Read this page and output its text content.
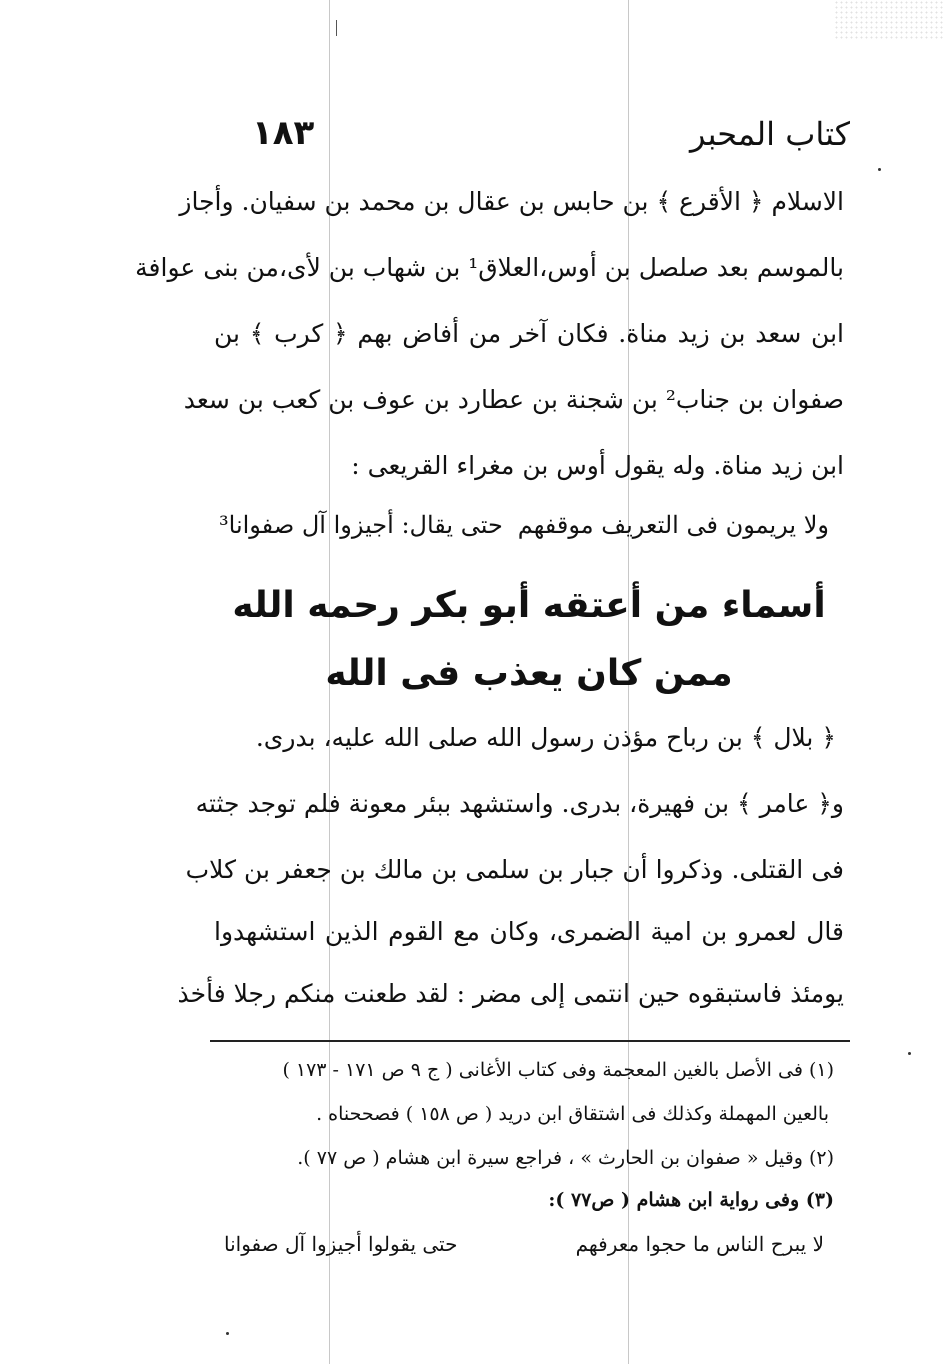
١٨٣	كتاب المحبر
الاسلام ﴿ الأقرع ﴾ بن حابس بن عقال بن محمد بن سفيان. وأجاز
بالموسم بعد صلصل بن أوس،العلاق¹ بن شهاب بن لأى،من بنى عوافة
ابن سعد بن زيد مناة. فكان آخر من أفاض بهم ﴿ كرب ﴾ بن
صفوان بن جناب² بن شجنة بن عطارد بن عوف بن كعب بن سعد
ابن زيد مناة. وله يقول أوس بن مغراء القريعى :
ولا يريمون فى التعريف موقفهم
حتى يقال: أجيزوا آل صفوانا³
أسماء من أعتقه أبو بكر رحمه الله
ممن كان يعذب فى الله
﴿ بلال ﴾ بن رباح مؤذن رسول الله صلى الله عليه، بدرى.
و﴿ عامر ﴾ بن فهيرة، بدرى. واستشهد ببئر معونة فلم توجد جثته
فى القتلى. وذكروا أن جبار بن سلمى بن مالك بن جعفر بن كلاب
قال لعمرو بن امية الضمرى، وكان مع القوم الذين استشهدوا
يومئذ فاستبقوه حين انتمى إلى مضر : لقد طعنت منكم رجلا فأخذ
(١) فى الأصل بالغين المعجمة وفى كتاب الأغانى ( ج ٩ ص ١٧١ - ١٧٣ )
بالعين المهملة وكذلك فى اشتقاق ابن دريد ( ص ١٥٨ ) فصححناه .
(٢) وقيل « صفوان بن الحارث » ، فراجع سيرة ابن هشام ( ص ٧٧ ).
(٣) وفى رواية ابن هشام ( ص٧٧ ):
لا يبرح الناس ما حجوا معرفهم
حتى يقولوا أجيزوا آل صفوانا
